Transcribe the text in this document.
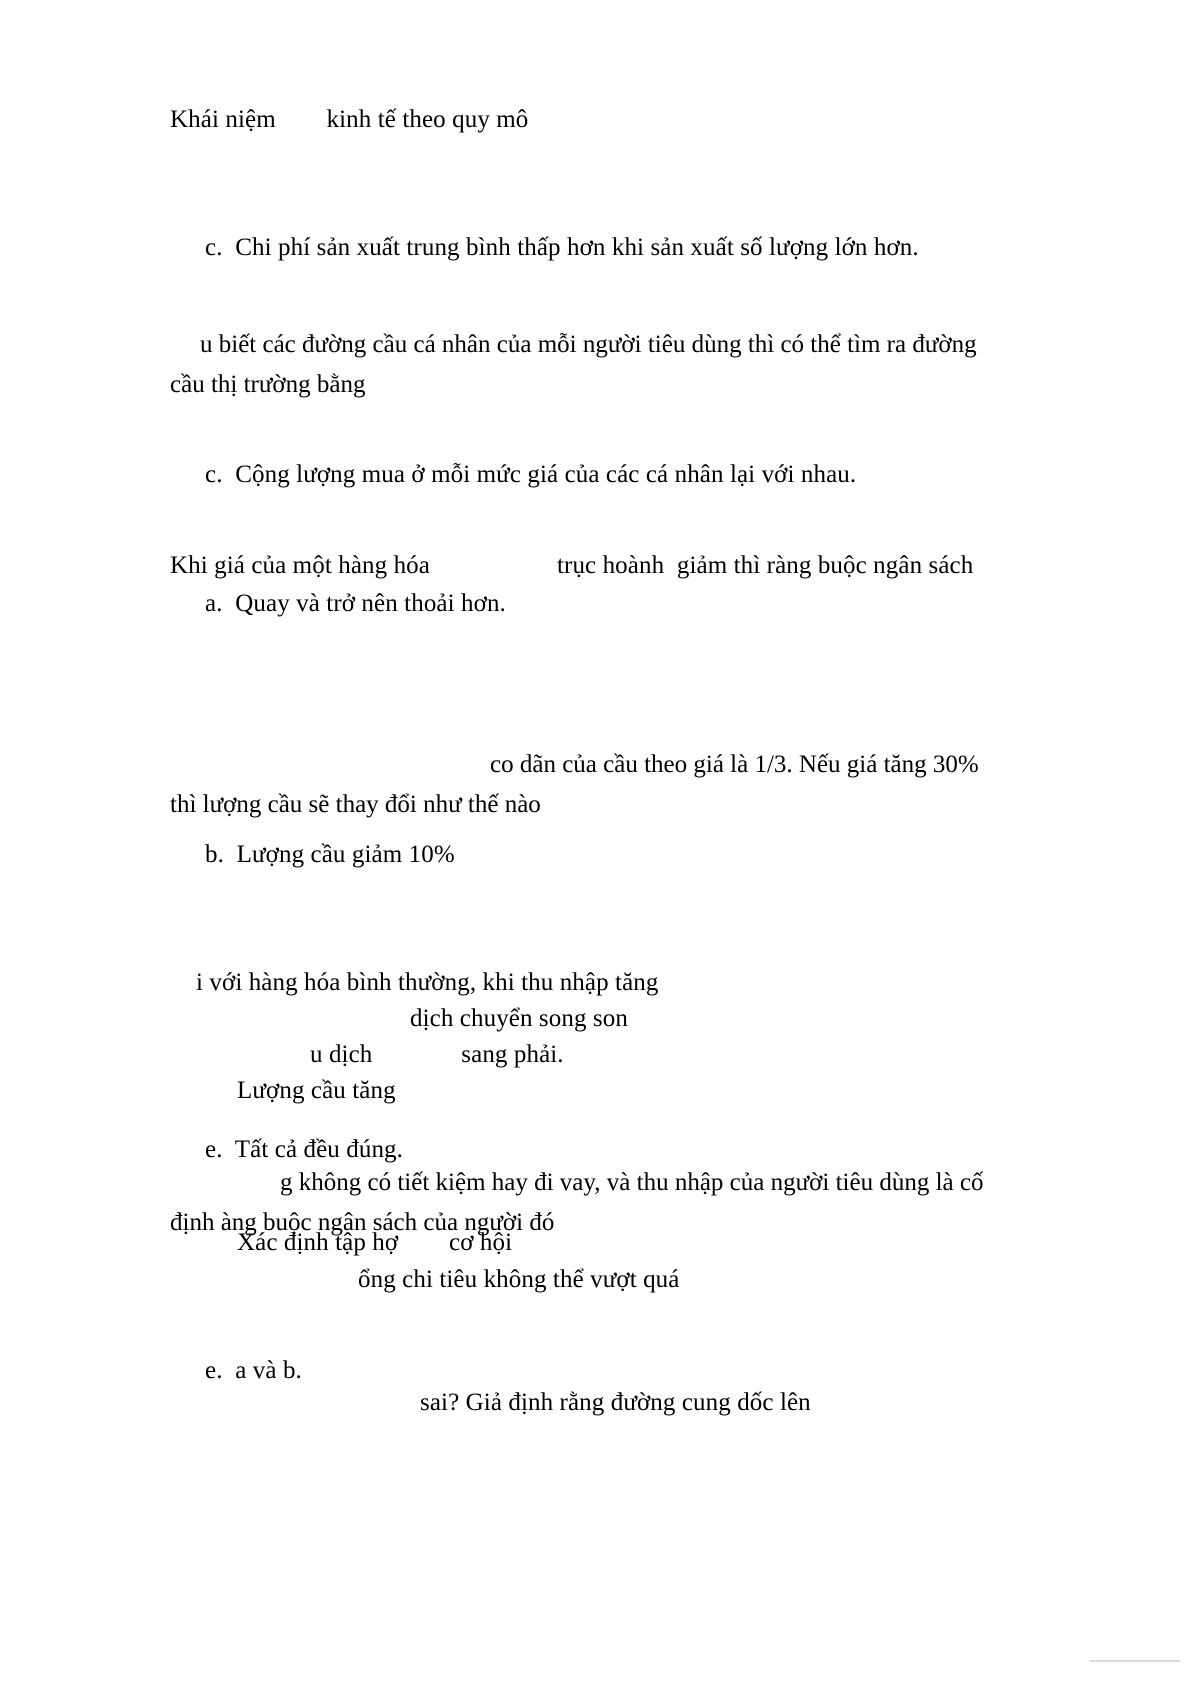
Khái niệm        kinh tế theo quy mô
c.  Chi phí sản xuất trung bình thấp hơn khi sản xuất số lượng lớn hơn.
u biết các đường cầu cá nhân của mỗi người tiêu dùng thì có thể tìm ra đường cầu thị trường bằng
c.  Cộng lượng mua ở mỗi mức giá của các cá nhân lại với nhau.
Khi giá của một hàng hóa                    trục hoành  giảm thì ràng buộc ngân sách
a.  Quay và trở nên thoải hơn.
co dãn của cầu theo giá là 1/3. Nếu giá tăng 30% thì lượng cầu sẽ thay đổi như thế nào
b.  Lượng cầu giảm 10%
i với hàng hóa bình thường, khi thu nhập tăng
dịch chuyển song son
u dịch              sang phải.
Lượng cầu tăng
e.  Tất cả đều đúng.
g không có tiết kiệm hay đi vay, và thu nhập của người tiêu dùng là cố định àng buộc ngân sách của người đó
Xác định tập hợ        cơ hội
ổng chi tiêu không thể vượt quá
e.  a và b.
sai? Giả định rằng đường cung dốc lên
